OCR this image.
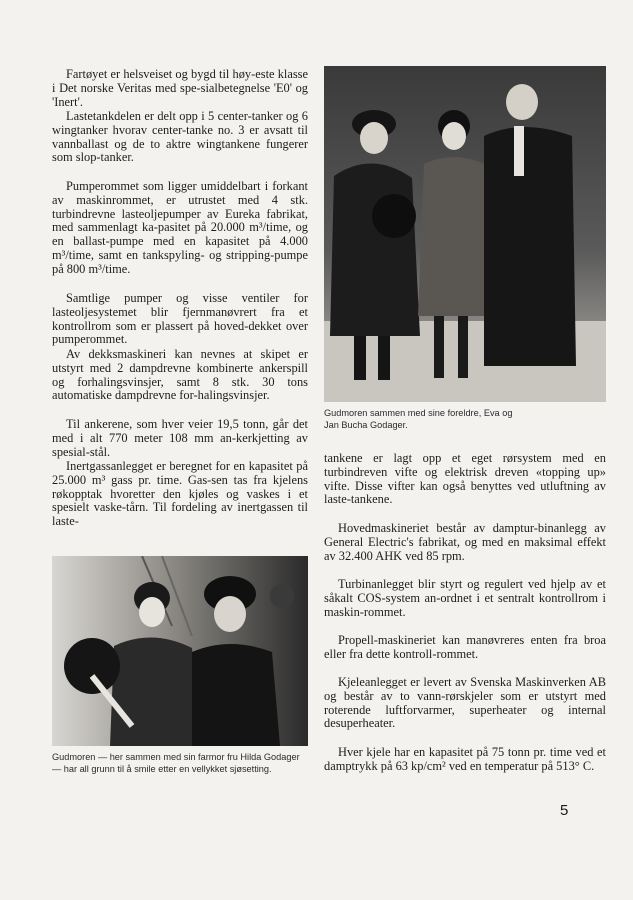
Fartøyet er helsveiset og bygd til høy-este klasse i Det norske Veritas med spe-sialbetegnelse 'E0' og 'Inert'.

Lastetankdelen er delt opp i 5 center-tanker og 6 wingtanker hvorav center-tanke no. 3 er avsatt til vannballast og de to aktre wingtankene fungerer som slop-tanker.

Pumperommet som ligger umiddelbart i forkant av maskinrommet, er utrustet med 4 stk. turbindrevne lasteoljepumper av Eureka fabrikat, med sammenlagt ka-pasitet på 20.000 m³/time, og en ballast-pumpe med en kapasitet på 4.000 m³/time, samt en tankspyling- og stripping-pumpe på 800 m³/time.

Samtlige pumper og visse ventiler for lasteoljesystemet blir fjernmanøvrert fra et kontrollrom som er plassert på hoved-dekket over pumperommet.

Av dekksmaskineri kan nevnes at skipet er utstyrt med 2 dampdrevne kombinerte ankerspill og forhalingsvinsjer, samt 8 stk. 30 tons automatiske dampdrevne for-halingsvinsjer.

Til ankerene, som hver veier 19,5 tonn, går det med i alt 770 meter 108 mm an-kerkjetting av spesial-stål.

Inertgassanlegget er beregnet for en kapasitet på 25.000 m³ gass pr. time. Gas-sen tas fra kjelens røkopptak hvoretter den kjøles og vaskes i et spesielt vaske-tårn. Til fordeling av inertgassen til laste-

Gudmoren sammen med sine foreldre, Eva og Jan Bucha Godager.

tankene er lagt opp et eget rørsystem med en turbindreven vifte og elektrisk dreven «topping up» vifte. Disse vifter kan også benyttes ved utluftning av laste-tankene.

Hovedmaskineriet består av damptur-binanlegg av General Electric's fabrikat, og med en maksimal effekt av 32.400 AHK ved 85 rpm.

Turbinanlegget blir styrt og regulert ved hjelp av et såkalt COS-system an-ordnet i et sentralt kontrollrom i maskin-rommet.

Propell-maskineriet kan manøvreres enten fra broa eller fra dette kontroll-rommet.

Kjeleanlegget er levert av Svenska Maskinverken AB og består av to vann-rørskjeler som er utstyrt med roterende luftforvarmer, superheater og internal desuperheater.

Hver kjele har en kapasitet på 75 tonn pr. time ved et damptrykk på 63 kp/cm² ved en temperatur på 513° C.

Gudmoren — her sammen med sin farmor fru Hilda Godager — har all grunn til å smile etter en vellykket sjøsetting.

5
